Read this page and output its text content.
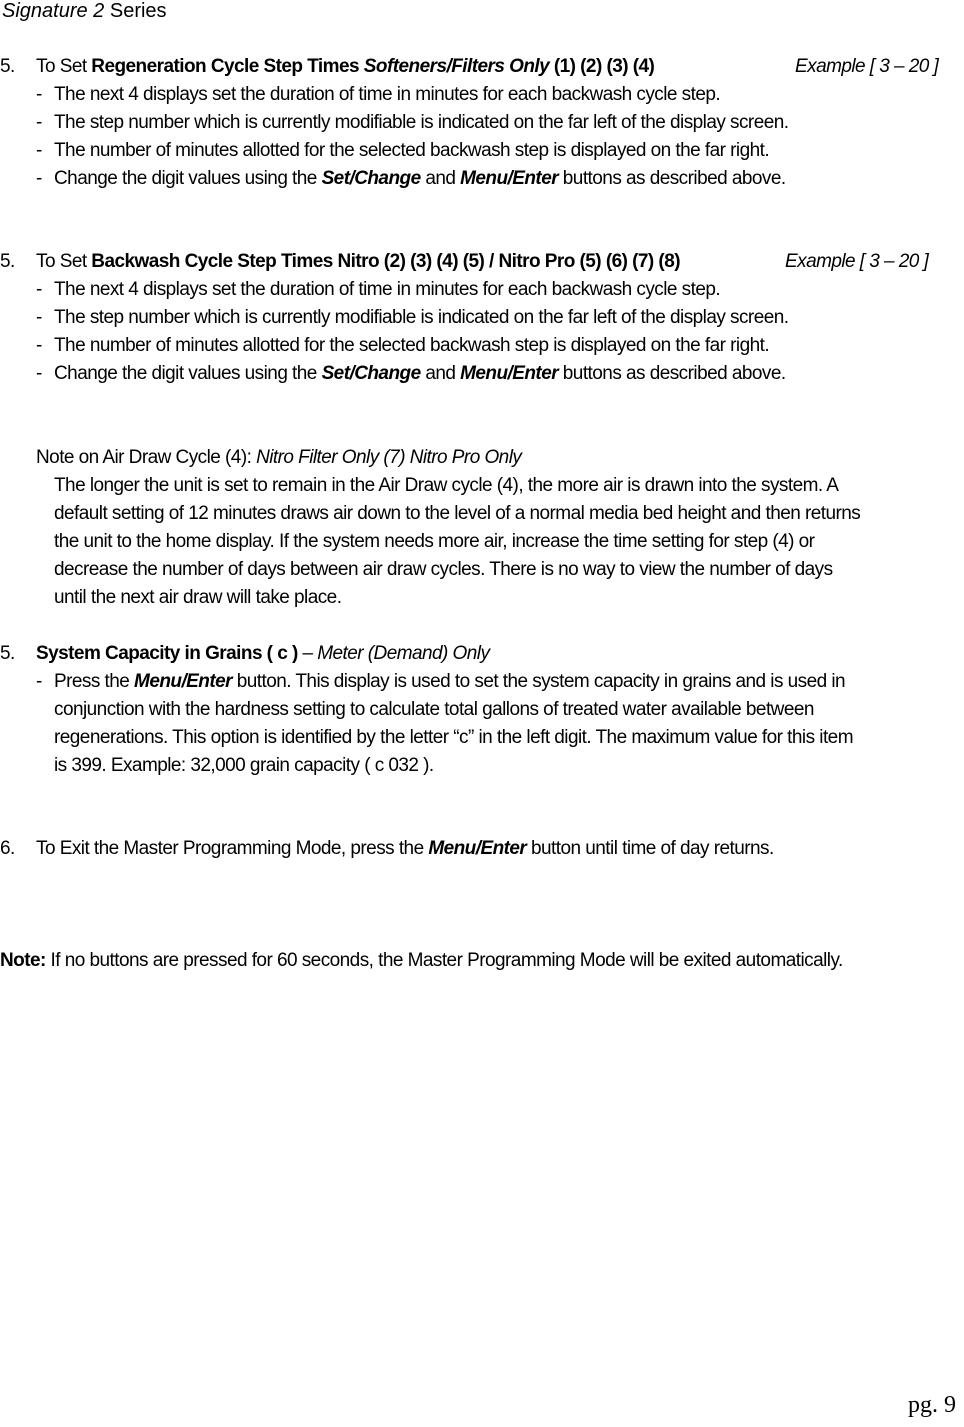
Signature 2 Series
5. To Set Regeneration Cycle Step Times Softeners/Filters Only (1) (2) (3) (4)	Example [ 3 – 20 ]
- The next 4 displays set the duration of time in minutes for each backwash cycle step.
- The step number which is currently modifiable is indicated on the far left of the display screen.
- The number of minutes allotted for the selected backwash step is displayed on the far right.
- Change the digit values using the Set/Change and Menu/Enter buttons as described above.
5. To Set Backwash Cycle Step Times Nitro (2) (3) (4) (5) / Nitro Pro (5) (6) (7) (8)	Example [ 3 – 20 ]
- The next 4 displays set the duration of time in minutes for each backwash cycle step.
- The step number which is currently modifiable is indicated on the far left of the display screen.
- The number of minutes allotted for the selected backwash step is displayed on the far right.
- Change the digit values using the Set/Change and Menu/Enter buttons as described above.
Note on Air Draw Cycle (4): Nitro Filter Only (7) Nitro Pro Only
The longer the unit is set to remain in the Air Draw cycle (4), the more air is drawn into the system. A
default setting of 12 minutes draws air down to the level of a normal media bed height and then returns
the unit to the home display. If the system needs more air, increase the time setting for step (4) or
decrease the number of days between air draw cycles. There is no way to view the number of days
until the next air draw will take place.
5. System Capacity in Grains ( c ) – Meter (Demand) Only
- Press the Menu/Enter button. This display is used to set the system capacity in grains and is used in
conjunction with the hardness setting to calculate total gallons of treated water available between
regenerations. This option is identified by the letter “c” in the left digit. The maximum value for this item
is 399. Example: 32,000 grain capacity ( c 032 ).
6. To Exit the Master Programming Mode, press the Menu/Enter button until time of day returns.
Note: If no buttons are pressed for 60 seconds, the Master Programming Mode will be exited automatically.
pg. 9
